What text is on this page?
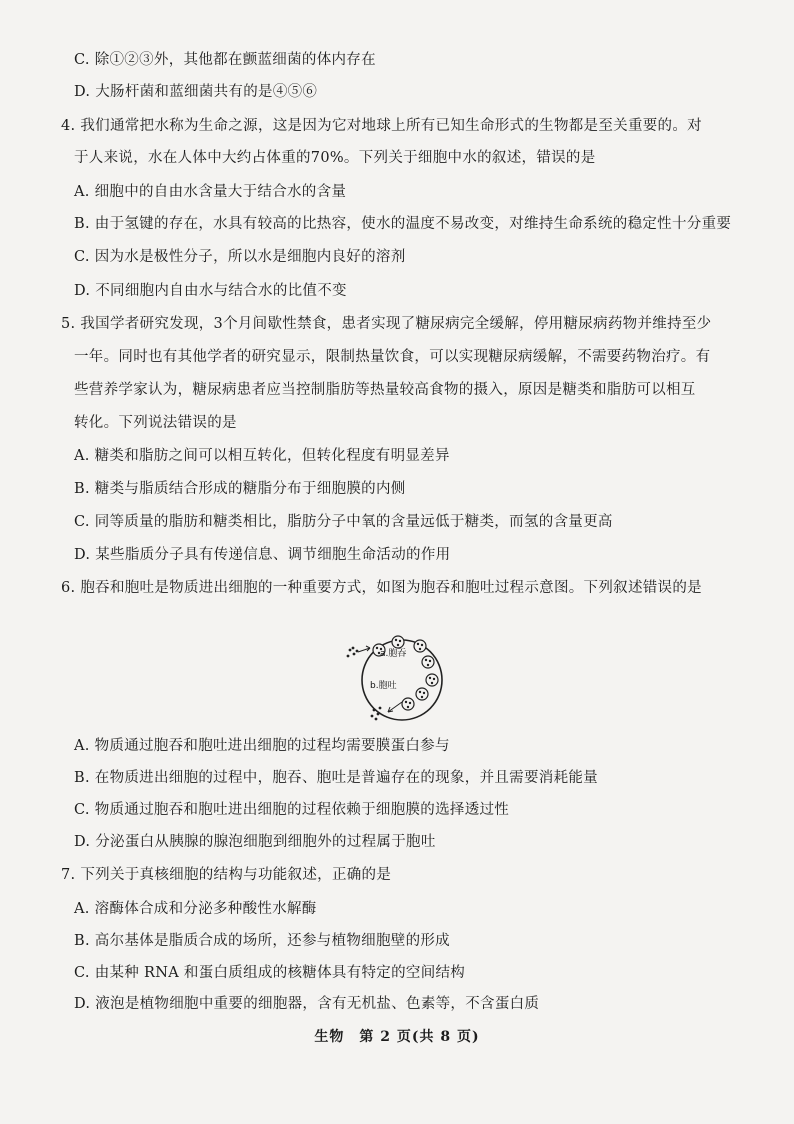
C. 除①②③外，其他都在颤蓝细菌的体内存在
D. 大肠杆菌和蓝细菌共有的是④⑤⑥
4. 我们通常把水称为生命之源，这是因为它对地球上所有已知生命形式的生物都是至关重要的。对
于人来说，水在人体中大约占体重的70%。下列关于细胞中水的叙述，错误的是
A. 细胞中的自由水含量大于结合水的含量
B. 由于氢键的存在，水具有较高的比热容，使水的温度不易改变，对维持生命系统的稳定性十分重要
C. 因为水是极性分子，所以水是细胞内良好的溶剂
D. 不同细胞内自由水与结合水的比值不变
5. 我国学者研究发现，3个月间歇性禁食，患者实现了糖尿病完全缓解，停用糖尿病药物并维持至少
一年。同时也有其他学者的研究显示，限制热量饮食，可以实现糖尿病缓解，不需要药物治疗。有
些营养学家认为，糖尿病患者应当控制脂肪等热量较高食物的摄入，原因是糖类和脂肪可以相互
转化。下列说法错误的是
A. 糖类和脂肪之间可以相互转化，但转化程度有明显差异
B. 糖类与脂质结合形成的糖脂分布于细胞膜的内侧
C. 同等质量的脂肪和糖类相比，脂肪分子中氧的含量远低于糖类，而氢的含量更高
D. 某些脂质分子具有传递信息、调节细胞生命活动的作用
6. 胞吞和胞吐是物质进出细胞的一种重要方式，如图为胞吞和胞吐过程示意图。下列叙述错误的是
a.胞吞
b.胞吐
A. 物质通过胞吞和胞吐进出细胞的过程均需要膜蛋白参与
B. 在物质进出细胞的过程中，胞吞、胞吐是普遍存在的现象，并且需要消耗能量
C. 物质通过胞吞和胞吐进出细胞的过程依赖于细胞膜的选择透过性
D. 分泌蛋白从胰腺的腺泡细胞到细胞外的过程属于胞吐
7. 下列关于真核细胞的结构与功能叙述，正确的是
A. 溶酶体合成和分泌多种酸性水解酶
B. 高尔基体是脂质合成的场所，还参与植物细胞壁的形成
C. 由某种 RNA 和蛋白质组成的核糖体具有特定的空间结构
D. 液泡是植物细胞中重要的细胞器，含有无机盐、色素等，不含蛋白质
生物　第 2 页(共 8 页)
